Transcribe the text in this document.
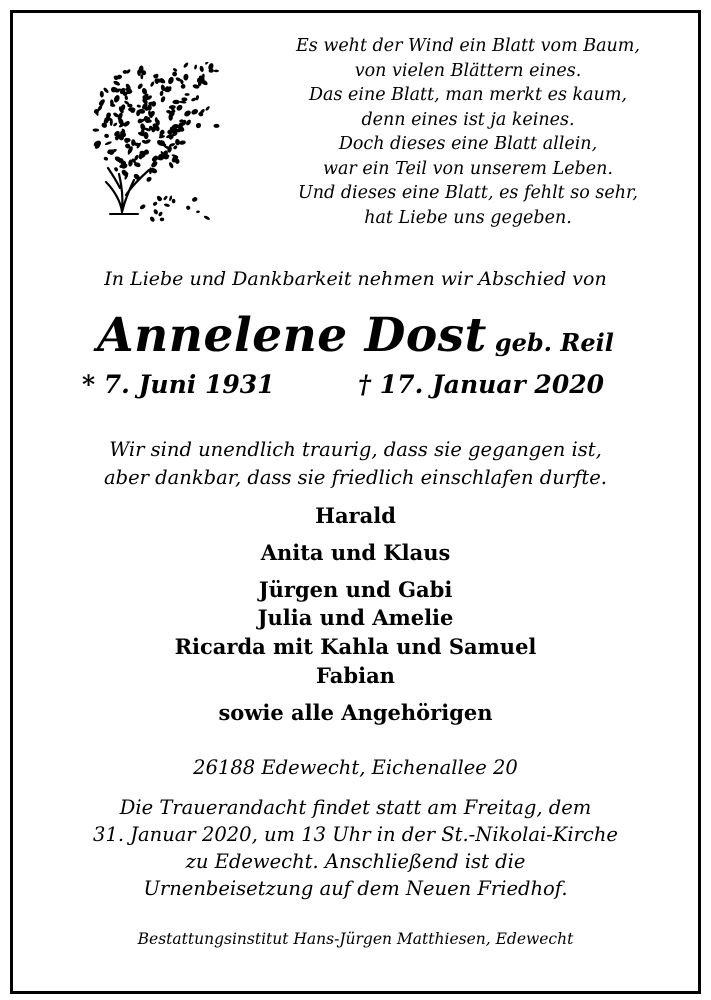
Es weht der Wind ein Blatt vom Baum,
von vielen Blättern eines.
Das eine Blatt, man merkt es kaum,
denn eines ist ja keines.
Doch dieses eine Blatt allein,
war ein Teil von unserem Leben.
Und dieses eine Blatt, es fehlt so sehr,
hat Liebe uns gegeben.
In Liebe und Dankbarkeit nehmen wir Abschied von
Annelene Dost geb. Reil
* 7. Juni 1931	† 17. Januar 2020
Wir sind unendlich traurig, dass sie gegangen ist,
aber dankbar, dass sie friedlich einschlafen durfte.
Harald
Anita und Klaus
Jürgen und Gabi
Julia und Amelie
Ricarda mit Kahla und Samuel
Fabian
sowie alle Angehörigen
26188 Edewecht, Eichenallee 20
Die Trauerandacht findet statt am Freitag, dem
31. Januar 2020, um 13 Uhr in der St.-Nikolai-Kirche
zu Edewecht. Anschließend ist die
Urnenbeisetzung auf dem Neuen Friedhof.
Bestattungsinstitut Hans-Jürgen Matthiesen, Edewecht
